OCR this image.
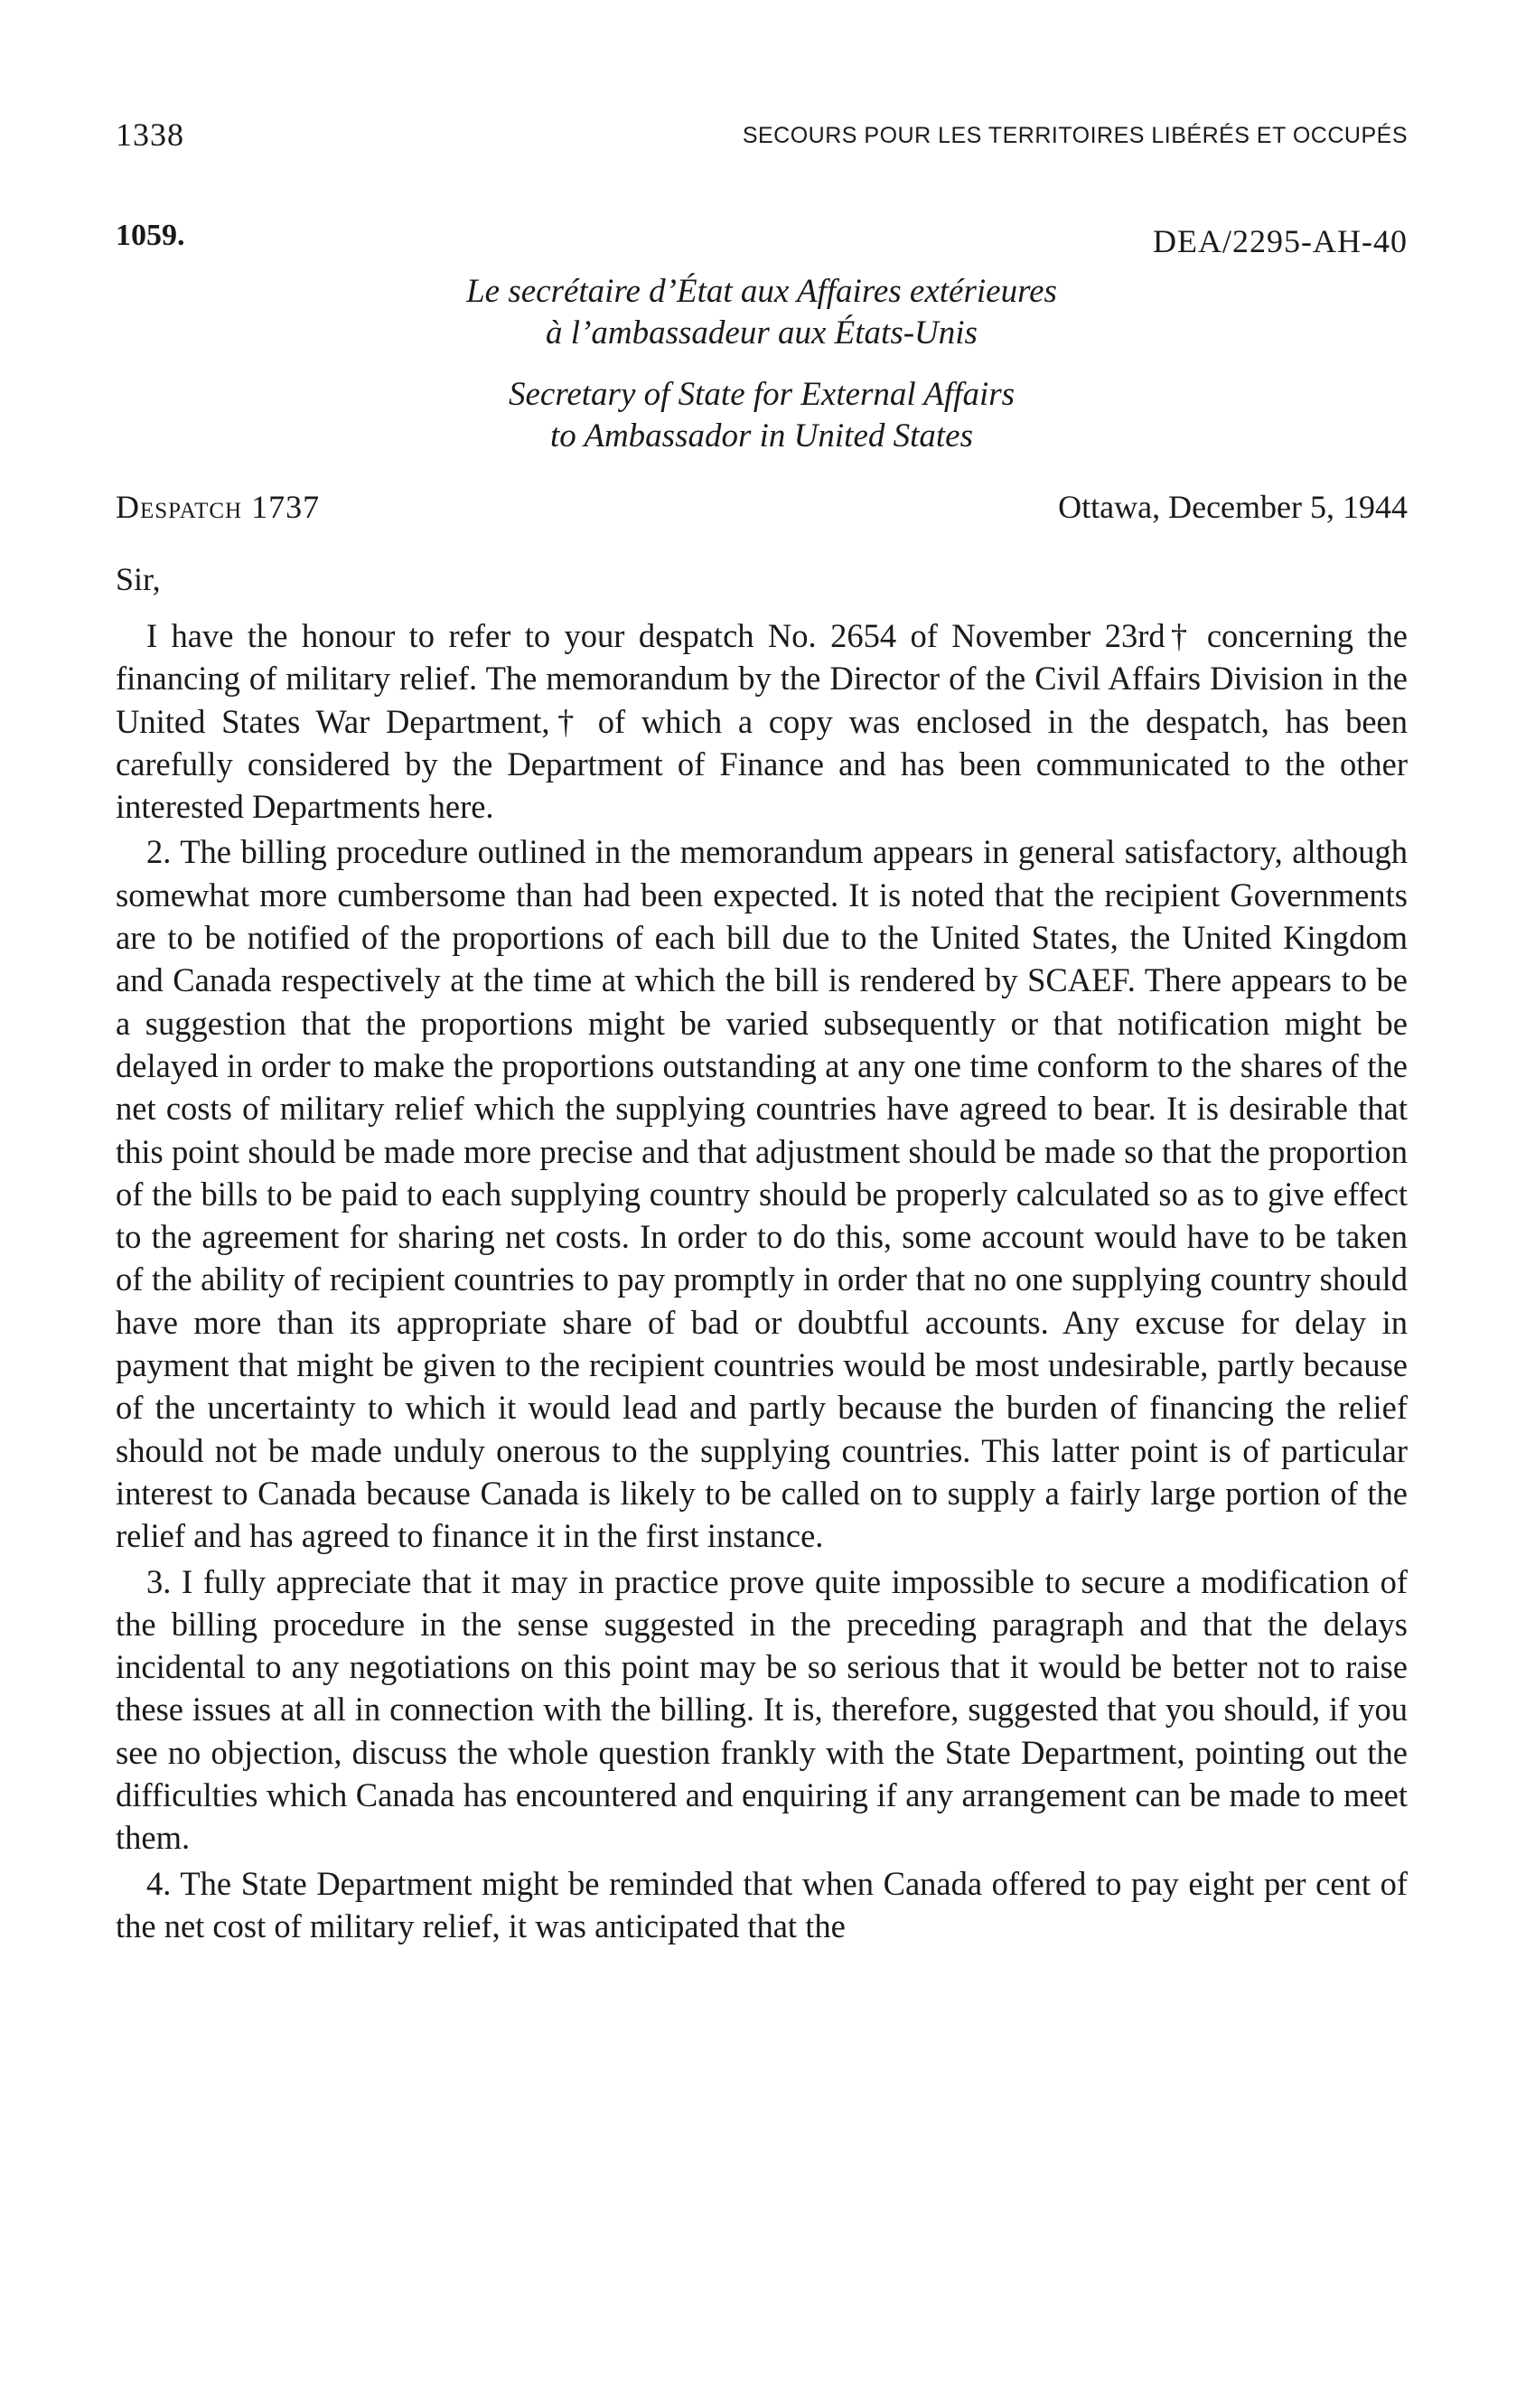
1338	SECOURS POUR LES TERRITOIRES LIBÉRÉS ET OCCUPÉS
1059.	DEA/2295-AH-40
Le secrétaire d’État aux Affaires extérieures
à l’ambassadeur aux États-Unis
Secretary of State for External Affairs
to Ambassador in United States
Despatch 1737	Ottawa, December 5, 1944
Sir,

I have the honour to refer to your despatch No. 2654 of November 23rd† concerning the financing of military relief. The memorandum by the Director of the Civil Affairs Division in the United States War Department,† of which a copy was enclosed in the despatch, has been carefully considered by the Department of Finance and has been communicated to the other interested Departments here.

2. The billing procedure outlined in the memorandum appears in general satisfactory, although somewhat more cumbersome than had been expected. It is noted that the recipient Governments are to be notified of the proportions of each bill due to the United States, the United Kingdom and Canada respectively at the time at which the bill is rendered by SCAEF. There appears to be a suggestion that the proportions might be varied subsequently or that notification might be delayed in order to make the proportions outstanding at any one time conform to the shares of the net costs of military relief which the supplying countries have agreed to bear. It is desirable that this point should be made more precise and that adjustment should be made so that the proportion of the bills to be paid to each supplying country should be properly calculated so as to give effect to the agreement for sharing net costs. In order to do this, some account would have to be taken of the ability of recipient countries to pay promptly in order that no one supplying country should have more than its appropriate share of bad or doubtful accounts. Any excuse for delay in payment that might be given to the recipient countries would be most undesirable, partly because of the uncertainty to which it would lead and partly because the burden of financing the relief should not be made unduly onerous to the supplying countries. This latter point is of particular interest to Canada because Canada is likely to be called on to supply a fairly large portion of the relief and has agreed to finance it in the first instance.

3. I fully appreciate that it may in practice prove quite impossible to secure a modification of the billing procedure in the sense suggested in the preceding paragraph and that the delays incidental to any negotiations on this point may be so serious that it would be better not to raise these issues at all in connection with the billing. It is, therefore, suggested that you should, if you see no objection, discuss the whole question frankly with the State Department, pointing out the difficulties which Canada has encountered and enquiring if any arrangement can be made to meet them.

4. The State Department might be reminded that when Canada offered to pay eight per cent of the net cost of military relief, it was anticipated that the
